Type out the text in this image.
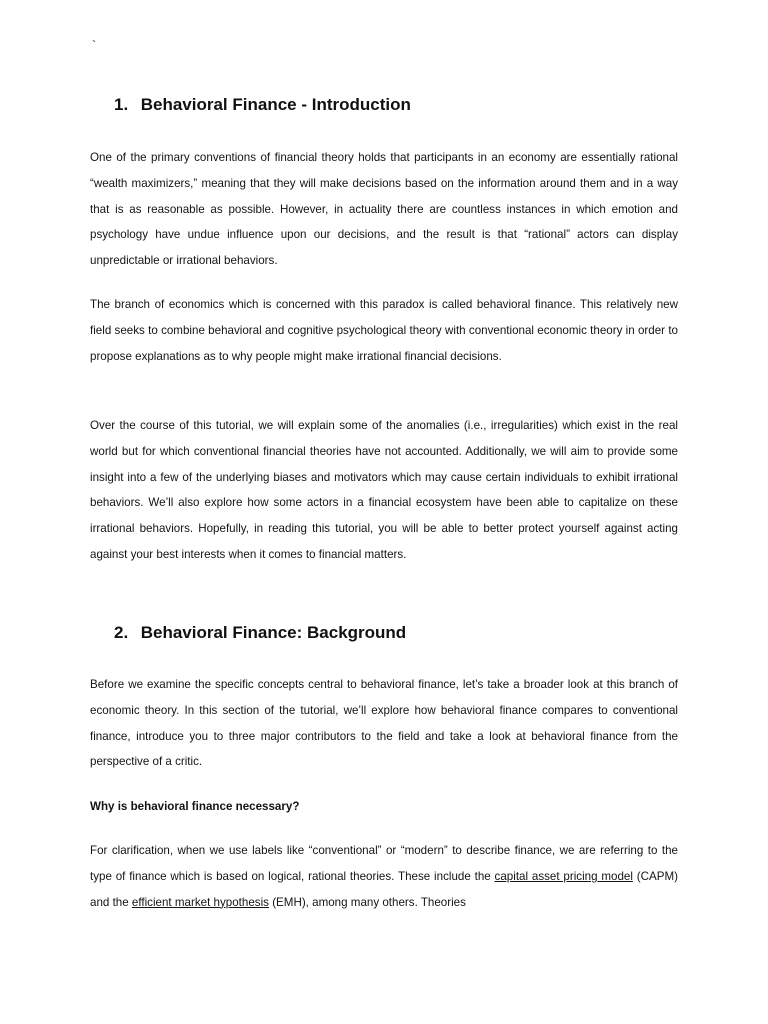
`
1. Behavioral Finance - Introduction

One of the primary conventions of financial theory holds that participants in an economy are essentially rational “wealth maximizers,” meaning that they will make decisions based on the information around them and in a way that is as reasonable as possible. However, in actuality there are countless instances in which emotion and psychology have undue influence upon our decisions, and the result is that “rational” actors can display unpredictable or irrational behaviors.

The branch of economics which is concerned with this paradox is called behavioral finance. This relatively new field seeks to combine behavioral and cognitive psychological theory with conventional economic theory in order to propose explanations as to why people might make irrational financial decisions.

Over the course of this tutorial, we will explain some of the anomalies (i.e., irregularities) which exist in the real world but for which conventional financial theories have not accounted. Additionally, we will aim to provide some insight into a few of the underlying biases and motivators which may cause certain individuals to exhibit irrational behaviors. We’ll also explore how some actors in a financial ecosystem have been able to capitalize on these irrational behaviors. Hopefully, in reading this tutorial, you will be able to better protect yourself against acting against your best interests when it comes to financial matters.

2. Behavioral Finance: Background

Before we examine the specific concepts central to behavioral finance, let’s take a broader look at this branch of economic theory. In this section of the tutorial, we’ll explore how behavioral finance compares to conventional finance, introduce you to three major contributors to the field and take a look at behavioral finance from the perspective of a critic.

Why is behavioral finance necessary?

For clarification, when we use labels like “conventional” or “modern” to describe finance, we are referring to the type of finance which is based on logical, rational theories. These include the capital asset pricing model (CAPM) and the efficient market hypothesis (EMH), among many others. Theories
